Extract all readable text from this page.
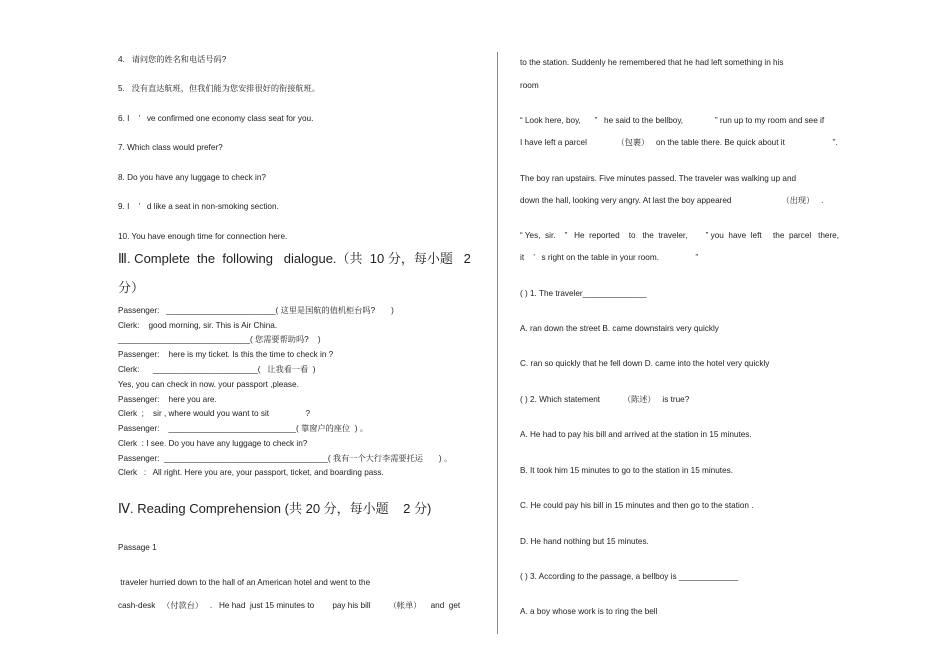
4.   请问您的姓名和电话号码?
5.   没有直达航班，但我们能为您安排很好的衔接航班。
6. I    ’   ve confirmed one economy class seat for you.
7. Which class would prefer?
8. Do you have any luggage to check in?
9. I    ’   d like a seat in non-smoking section.
10. You have enough time for connection here.
Ⅲ. Complete  the  following   dialogue.（共  10 分，每小题   2
分）
Passenger:   ________________________( 这里是国航的值机柜台吗?       )
Clerk:    good morning, sir. This is Air China.
_____________________________( 您需要帮助吗?    )
Passenger:    here is my ticket. Is this the time to check in ?
Clerk:      _______________________(   让我看一看  )
Yes, you can check in now. your passport ,please.
Passenger:    here you are.
Clerk  ;    sir , where would you want to sit                ?
Passenger:    ____________________________( 靠窗户的座位  ) 。
Clerk  : I see. Do you have any luggage to check in?
Passenger:  ____________________________________( 我有一个大行李需要托运       ) 。
Clerk   :   All right. Here you are, your passport, ticket, and boarding pass.
Ⅳ. Reading Comprehension (共 20 分，每小题    2 分)
Passage 1
traveler hurried down to the hall of an American hotel and went to the
cash-desk   （付款台）   .   He had  just 15 minutes to        pay his bill        （帐单）    and  get
to the station. Suddenly he remembered that he had left something in his
room
“ Look here, boy,      ”   he said to the bellboy,              ” run up to my room and see if
I have left a parcel             （包裹）   on the table there. Be quick about it                     ”.
The boy ran upstairs. Five minutes passed. The traveler was walking up and
down the hall, looking very angry. At last the boy appeared                      （出现）   .
“ Yes,  sir.    ”   He  reported    to   the  traveler,        ” you  have  left     the  parcel   there,
it    ’   s right on the table in your room.                ”
( ) 1. The traveler______________
A. ran down the street B. came downstairs very quickly
C. ran so quickly that he fell down D. came into the hotel very quickly
( ) 2. Which statement          （陈述）   is true?
A. He had to pay his bill and arrived at the station in 15 minutes.
B. It took him 15 minutes to go to the station in 15 minutes.
C. He could pay his bill in 15 minutes and then go to the station .
D. He hand nothing but 15 minutes.
( ) 3. According to the passage, a bellboy is _____________
A. a boy whose work is to ring the bell
